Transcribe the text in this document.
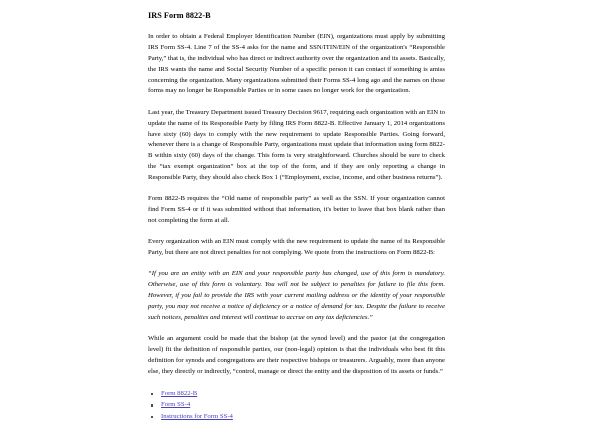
IRS Form 8822-B

In order to obtain a Federal Employer Identification Number (EIN), organizations must apply by submitting IRS Form SS-4. Line 7 of the SS-4 asks for the name and SSN/ITIN/EIN of the organization's “Responsible Party,” that is, the individual who has direct or indirect authority over the organization and its assets. Basically, the IRS wants the name and Social Security Number of a specific person it can contact if something is amiss concerning the organization. Many organizations submitted their Forms SS-4 long ago and the names on those forms may no longer be Responsible Parties or in some cases no longer work for the organization.

Last year, the Treasury Department issued Treasury Decision 9617, requiring each organization with an EIN to update the name of its Responsible Party by filing IRS Form 8822-B. Effective January 1, 2014 organizations have sixty (60) days to comply with the new requirement to update Responsible Parties. Going forward, whenever there is a change of Responsible Party, organizations must update that information using form 8822-B within sixty (60) days of the change. This form is very straightforward. Churches should be sure to check the “tax exempt organization” box at the top of the form, and if they are only reporting a change in Responsible Party, they should also check Box 1 (“Employment, excise, income, and other business returns”).

Form 8822-B requires the “Old name of responsible party” as well as the SSN. If your organization cannot find Form SS-4 or if it was submitted without that information, it's better to leave that box blank rather than not completing the form at all.

Every organization with an EIN must comply with the new requirement to update the name of its Responsible Party, but there are not direct penalties for not complying. We quote from the instructions on Form 8822-B:

“If you are an entity with an EIN and your responsible party has changed, use of this form is mandatory. Otherwise, use of this form is voluntary. You will not be subject to penalties for failure to file this form. However, if you fail to provide the IRS with your current mailing address or the identity of your responsible party, you may not receive a notice of deficiency or a notice of demand for tax. Despite the failure to receive such notices, penalties and interest will continue to accrue on any tax deficiencies.”

While an argument could be made that the bishop (at the synod level) and the pastor (at the congregation level) fit the definition of responsible parties, our (non-legal) opinion is that the individuals who best fit this definition for synods and congregations are their respective bishops or treasurers. Arguably, more than anyone else, they directly or indirectly, “control, manage or direct the entity and the disposition of its assets or funds.”

Form 8822-B
Form SS-4
Instructions for Form SS-4
